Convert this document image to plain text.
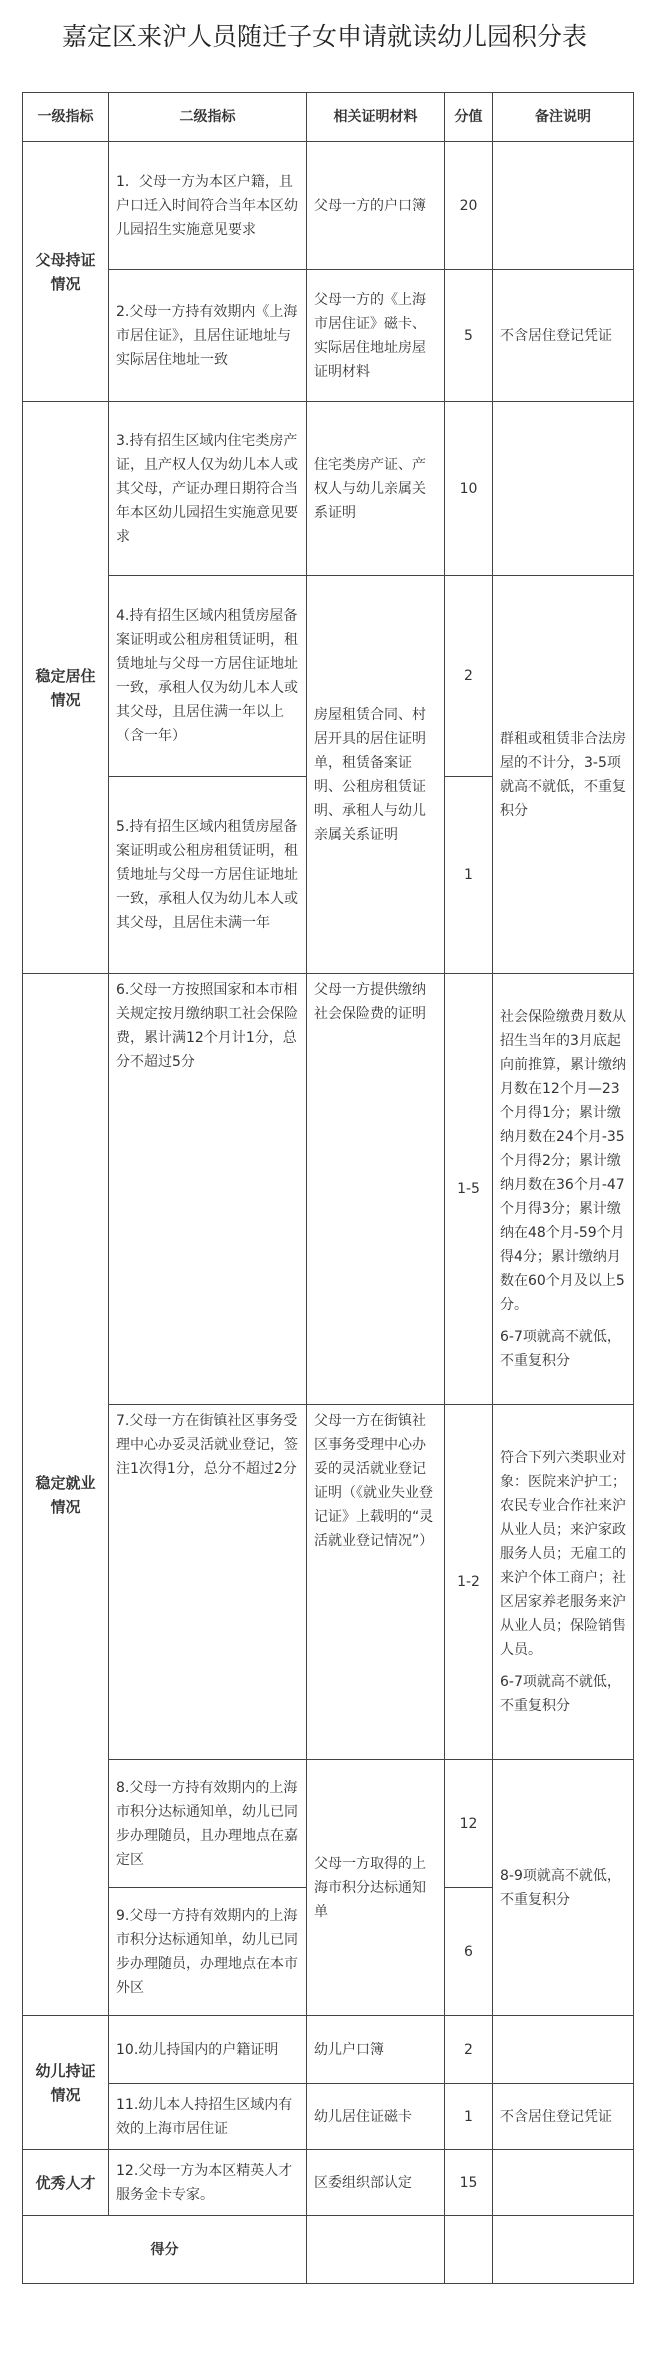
嘉定区来沪人员随迁子女申请就读幼儿园积分表
一级指标	二级指标	相关证明材料	分值	备注说明
父母持证情况	1．父母一方为本区户籍，且户口迁入时间符合当年本区幼儿园招生实施意见要求	父母一方的户口簿	20	
	2.父母一方持有效期内《上海市居住证》，且居住证地址与实际居住地址一致	父母一方的《上海市居住证》磁卡、实际居住地址房屋证明材料	5	不含居住登记凭证
稳定居住情况	3.持有招生区域内住宅类房产证，且产权人仅为幼儿本人或其父母，产证办理日期符合当年本区幼儿园招生实施意见要求	住宅类房产证、产权人与幼儿亲属关系证明	10	
	4.持有招生区域内租赁房屋备案证明或公租房租赁证明，租赁地址与父母一方居住证地址一致，承租人仅为幼儿本人或其父母，且居住满一年以上（含一年）	房屋租赁合同、村居开具的居住证明单，租赁备案证明、公租房租赁证明、承租人与幼儿亲属关系证明	2	群租或租赁非合法房屋的不计分，3-5项就高不就低，不重复积分
	5.持有招生区域内租赁房屋备案证明或公租房租赁证明，租赁地址与父母一方居住证地址一致，承租人仅为幼儿本人或其父母，且居住未满一年		1	
稳定就业情况	6.父母一方按照国家和本市相关规定按月缴纳职工社会保险费，累计满12个月计1分，总分不超过5分	父母一方提供缴纳社会保险费的证明	1-5	社会保险缴费月数从招生当年的3月底起向前推算，累计缴纳月数在12个月—23个月得1分；累计缴纳月数在24个月-35个月得2分；累计缴纳月数在36个月-47个月得3分；累计缴纳在48个月-59个月得4分；累计缴纳月数在60个月及以上5分。
6-7项就高不就低，不重复积分

	7.父母一方在街镇社区事务受理中心办妥灵活就业登记，签注1次得1分，总分不超过2分	父母一方在街镇社区事务受理中心办妥的灵活就业登记证明（《就业失业登记证》上载明的“灵活就业登记情况”）	1-2	符合下列六类职业对象：医院来沪护工；农民专业合作社来沪从业人员；来沪家政服务人员；无雇工的来沪个体工商户；社区居家养老服务来沪从业人员；保险销售人员。
6-7项就高不就低，不重复积分

	8.父母一方持有效期内的上海市积分达标通知单，幼儿已同步办理随员，且办理地点在嘉定区	父母一方取得的上海市积分达标通知单	12	8-9项就高不就低，不重复积分
	9.父母一方持有效期内的上海市积分达标通知单，幼儿已同步办理随员，办理地点在本市外区		6	
幼儿持证情况	10.幼儿持国内的户籍证明	幼儿户口簿	2	
	11.幼儿本人持招生区域内有效的上海市居住证	幼儿居住证磁卡	1	不含居住登记凭证
优秀人才	12.父母一方为本区精英人才服务金卡专家。	区委组织部认定	15	
得分				
